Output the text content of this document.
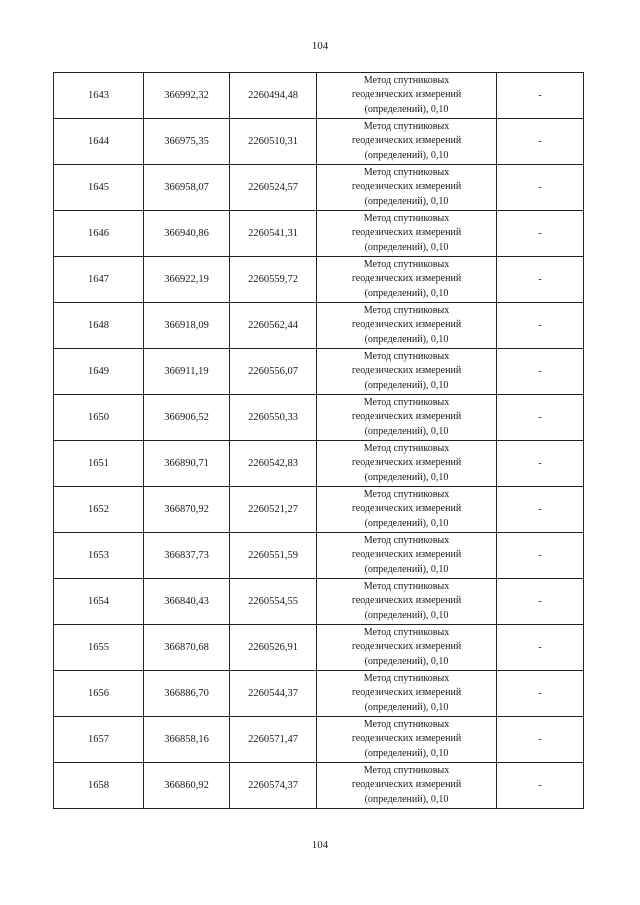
104
1643	366992,32	2260494,48	Метод спутниковых
геодезических измерений
(определений), 0,10	-
1644	366975,35	2260510,31	Метод спутниковых
геодезических измерений
(определений), 0,10	-
1645	366958,07	2260524,57	Метод спутниковых
геодезических измерений
(определений), 0,10	-
1646	366940,86	2260541,31	Метод спутниковых
геодезических измерений
(определений), 0,10	-
1647	366922,19	2260559,72	Метод спутниковых
геодезических измерений
(определений), 0,10	-
1648	366918,09	2260562,44	Метод спутниковых
геодезических измерений
(определений), 0,10	-
1649	366911,19	2260556,07	Метод спутниковых
геодезических измерений
(определений), 0,10	-
1650	366906,52	2260550,33	Метод спутниковых
геодезических измерений
(определений), 0,10	-
1651	366890,71	2260542,83	Метод спутниковых
геодезических измерений
(определений), 0,10	-
1652	366870,92	2260521,27	Метод спутниковых
геодезических измерений
(определений), 0,10	-
1653	366837,73	2260551,59	Метод спутниковых
геодезических измерений
(определений), 0,10	-
1654	366840,43	2260554,55	Метод спутниковых
геодезических измерений
(определений), 0,10	-
1655	366870,68	2260526,91	Метод спутниковых
геодезических измерений
(определений), 0,10	-
1656	366886,70	2260544,37	Метод спутниковых
геодезических измерений
(определений), 0,10	-
1657	366858,16	2260571,47	Метод спутниковых
геодезических измерений
(определений), 0,10	-
1658	366860,92	2260574,37	Метод спутниковых
геодезических измерений
(определений), 0,10	-
104
